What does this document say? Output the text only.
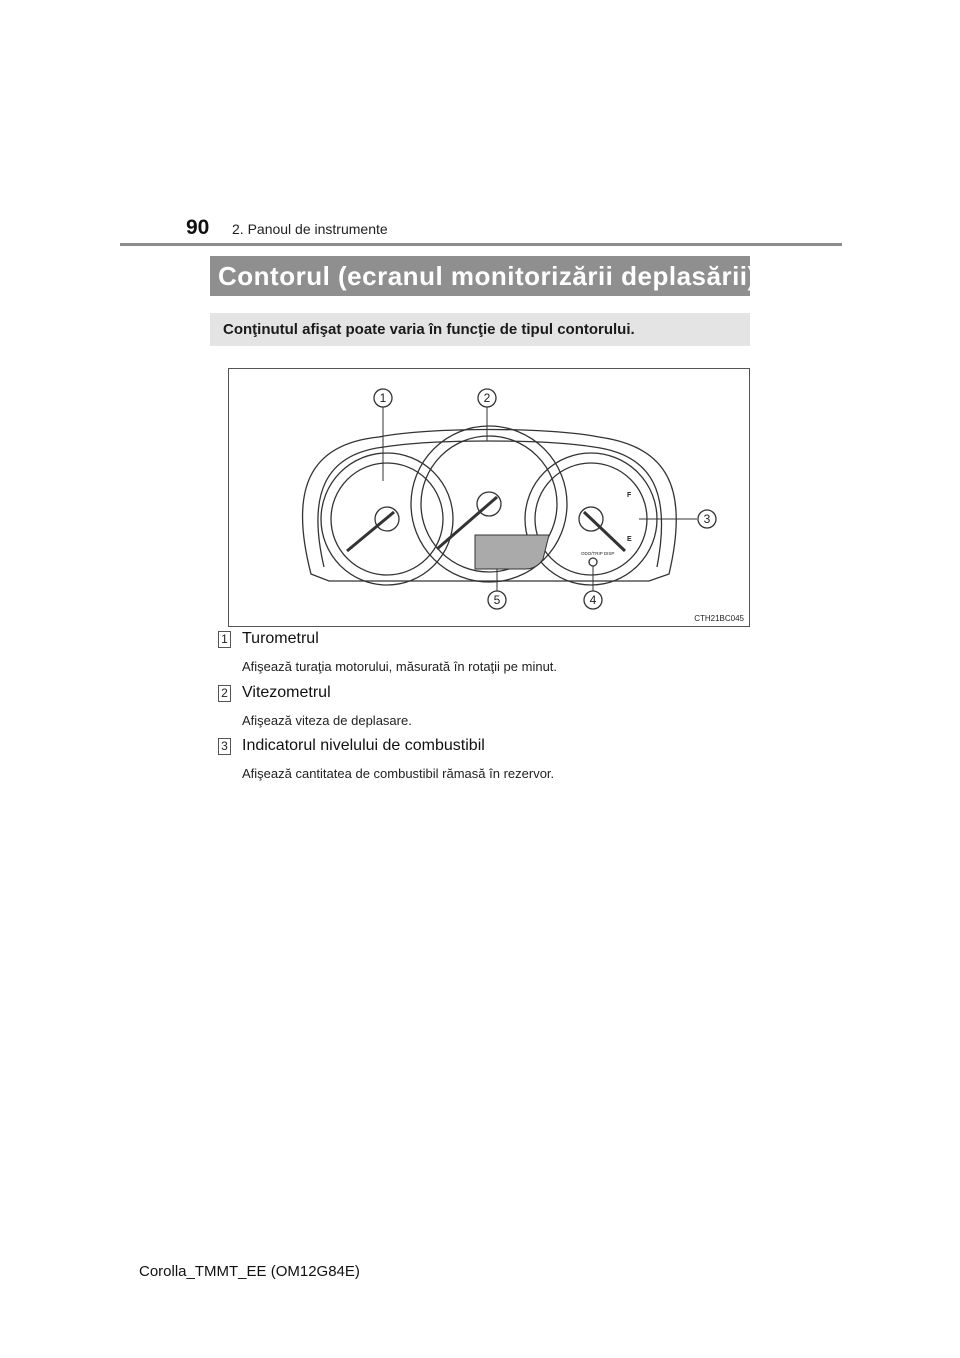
90 2. Panoul de instrumente
Contorul (ecranul monitorizării deplasării)
Conţinutul afişat poate varia în funcţie de tipul contorului.
1	2
3
4
5
F
E
ODO/TRIP DISP
CTH21BC045
1 Turometrul
Afişează turaţia motorului, măsurată în rotaţii pe minut.
2 Vitezometrul
Afişează viteza de deplasare.
3 Indicatorul nivelului de combustibil
Afişează cantitatea de combustibil rămasă în rezervor.
Corolla_TMMT_EE (OM12G84E)
